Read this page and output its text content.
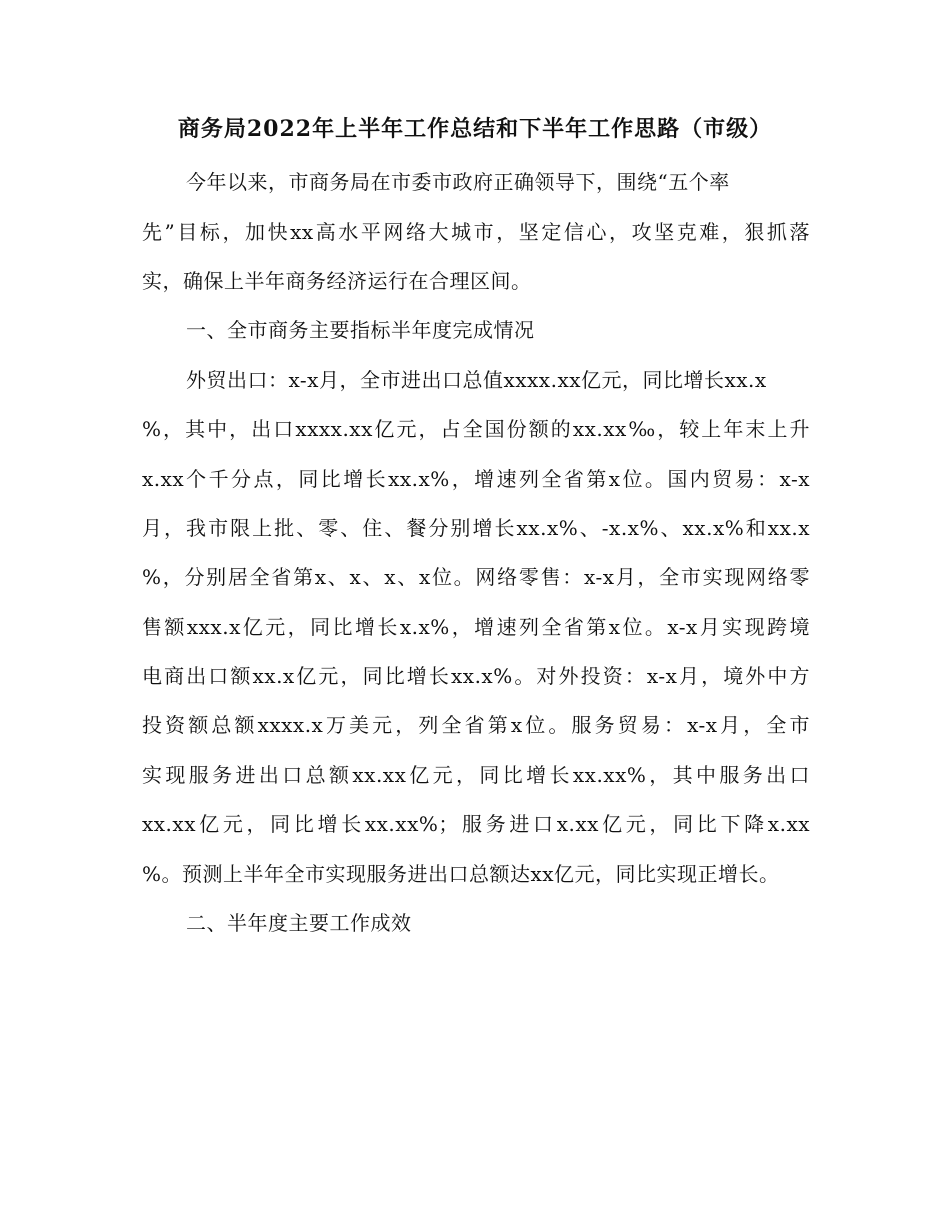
商务局2022年上半年工作总结和下半年工作思路（市级）
今年以来，市商务局在市委市政府正确领导下，围绕“五个率
先”目标，加快xx高水平网络大城市，坚定信心，攻坚克难，狠抓落
实，确保上半年商务经济运行在合理区间。
一、全市商务主要指标半年度完成情况
外贸出口：x-x月，全市进出口总值xxxx.xx亿元，同比增长xx.x
%，其中，出口xxxx.xx亿元，占全国份额的xx.xx‰，较上年末上升
x.xx个千分点，同比增长xx.x%，增速列全省第x位。国内贸易：x-x
月，我市限上批、零、住、餐分别增长xx.x%、-x.x%、xx.x%和xx.x
%，分别居全省第x、x、x、x位。网络零售：x-x月，全市实现网络零
售额xxx.x亿元，同比增长x.x%，增速列全省第x位。x-x月实现跨境
电商出口额xx.x亿元，同比增长xx.x%。对外投资：x-x月，境外中方
投资额总额xxxx.x万美元，列全省第x位。服务贸易：x-x月，全市
实现服务进出口总额xx.xx亿元，同比增长xx.xx%，其中服务出口
xx.xx亿元，同比增长xx.xx%；服务进口x.xx亿元，同比下降x.xx
%。预测上半年全市实现服务进出口总额达xx亿元，同比实现正增长。
二、半年度主要工作成效
